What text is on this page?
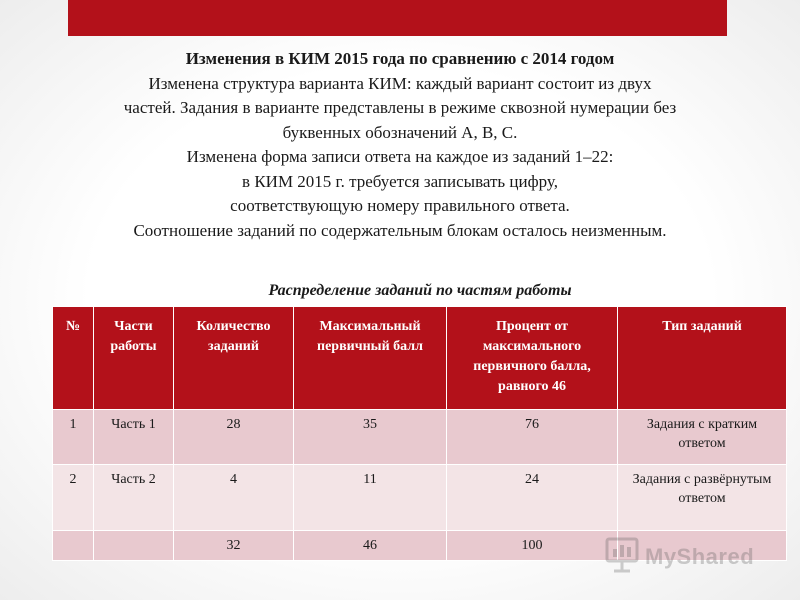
Изменения в КИМ 2015 года по сравнению с 2014 годом
Изменена структура варианта КИМ: каждый вариант состоит из двух
частей. Задания в варианте представлены в режиме сквозной нумерации без
буквенных обозначений А, В, С.
Изменена форма записи ответа на каждое из заданий 1–22:
в КИМ 2015 г. требуется записывать цифру,
соответствующую номеру правильного ответа.
Соотношение заданий по содержательным блокам осталось неизменным.
Распределение заданий по частям работы
№	Части работы	Количество заданий	Максимальный первичный балл	Процент от максимального первичного балла, равного 46	Тип заданий
1	Часть 1	28	35	76	Задания с кратким ответом
2	Часть 2	4	11	24	Задания с развёрнутым ответом
		32	46	100		MyShared
